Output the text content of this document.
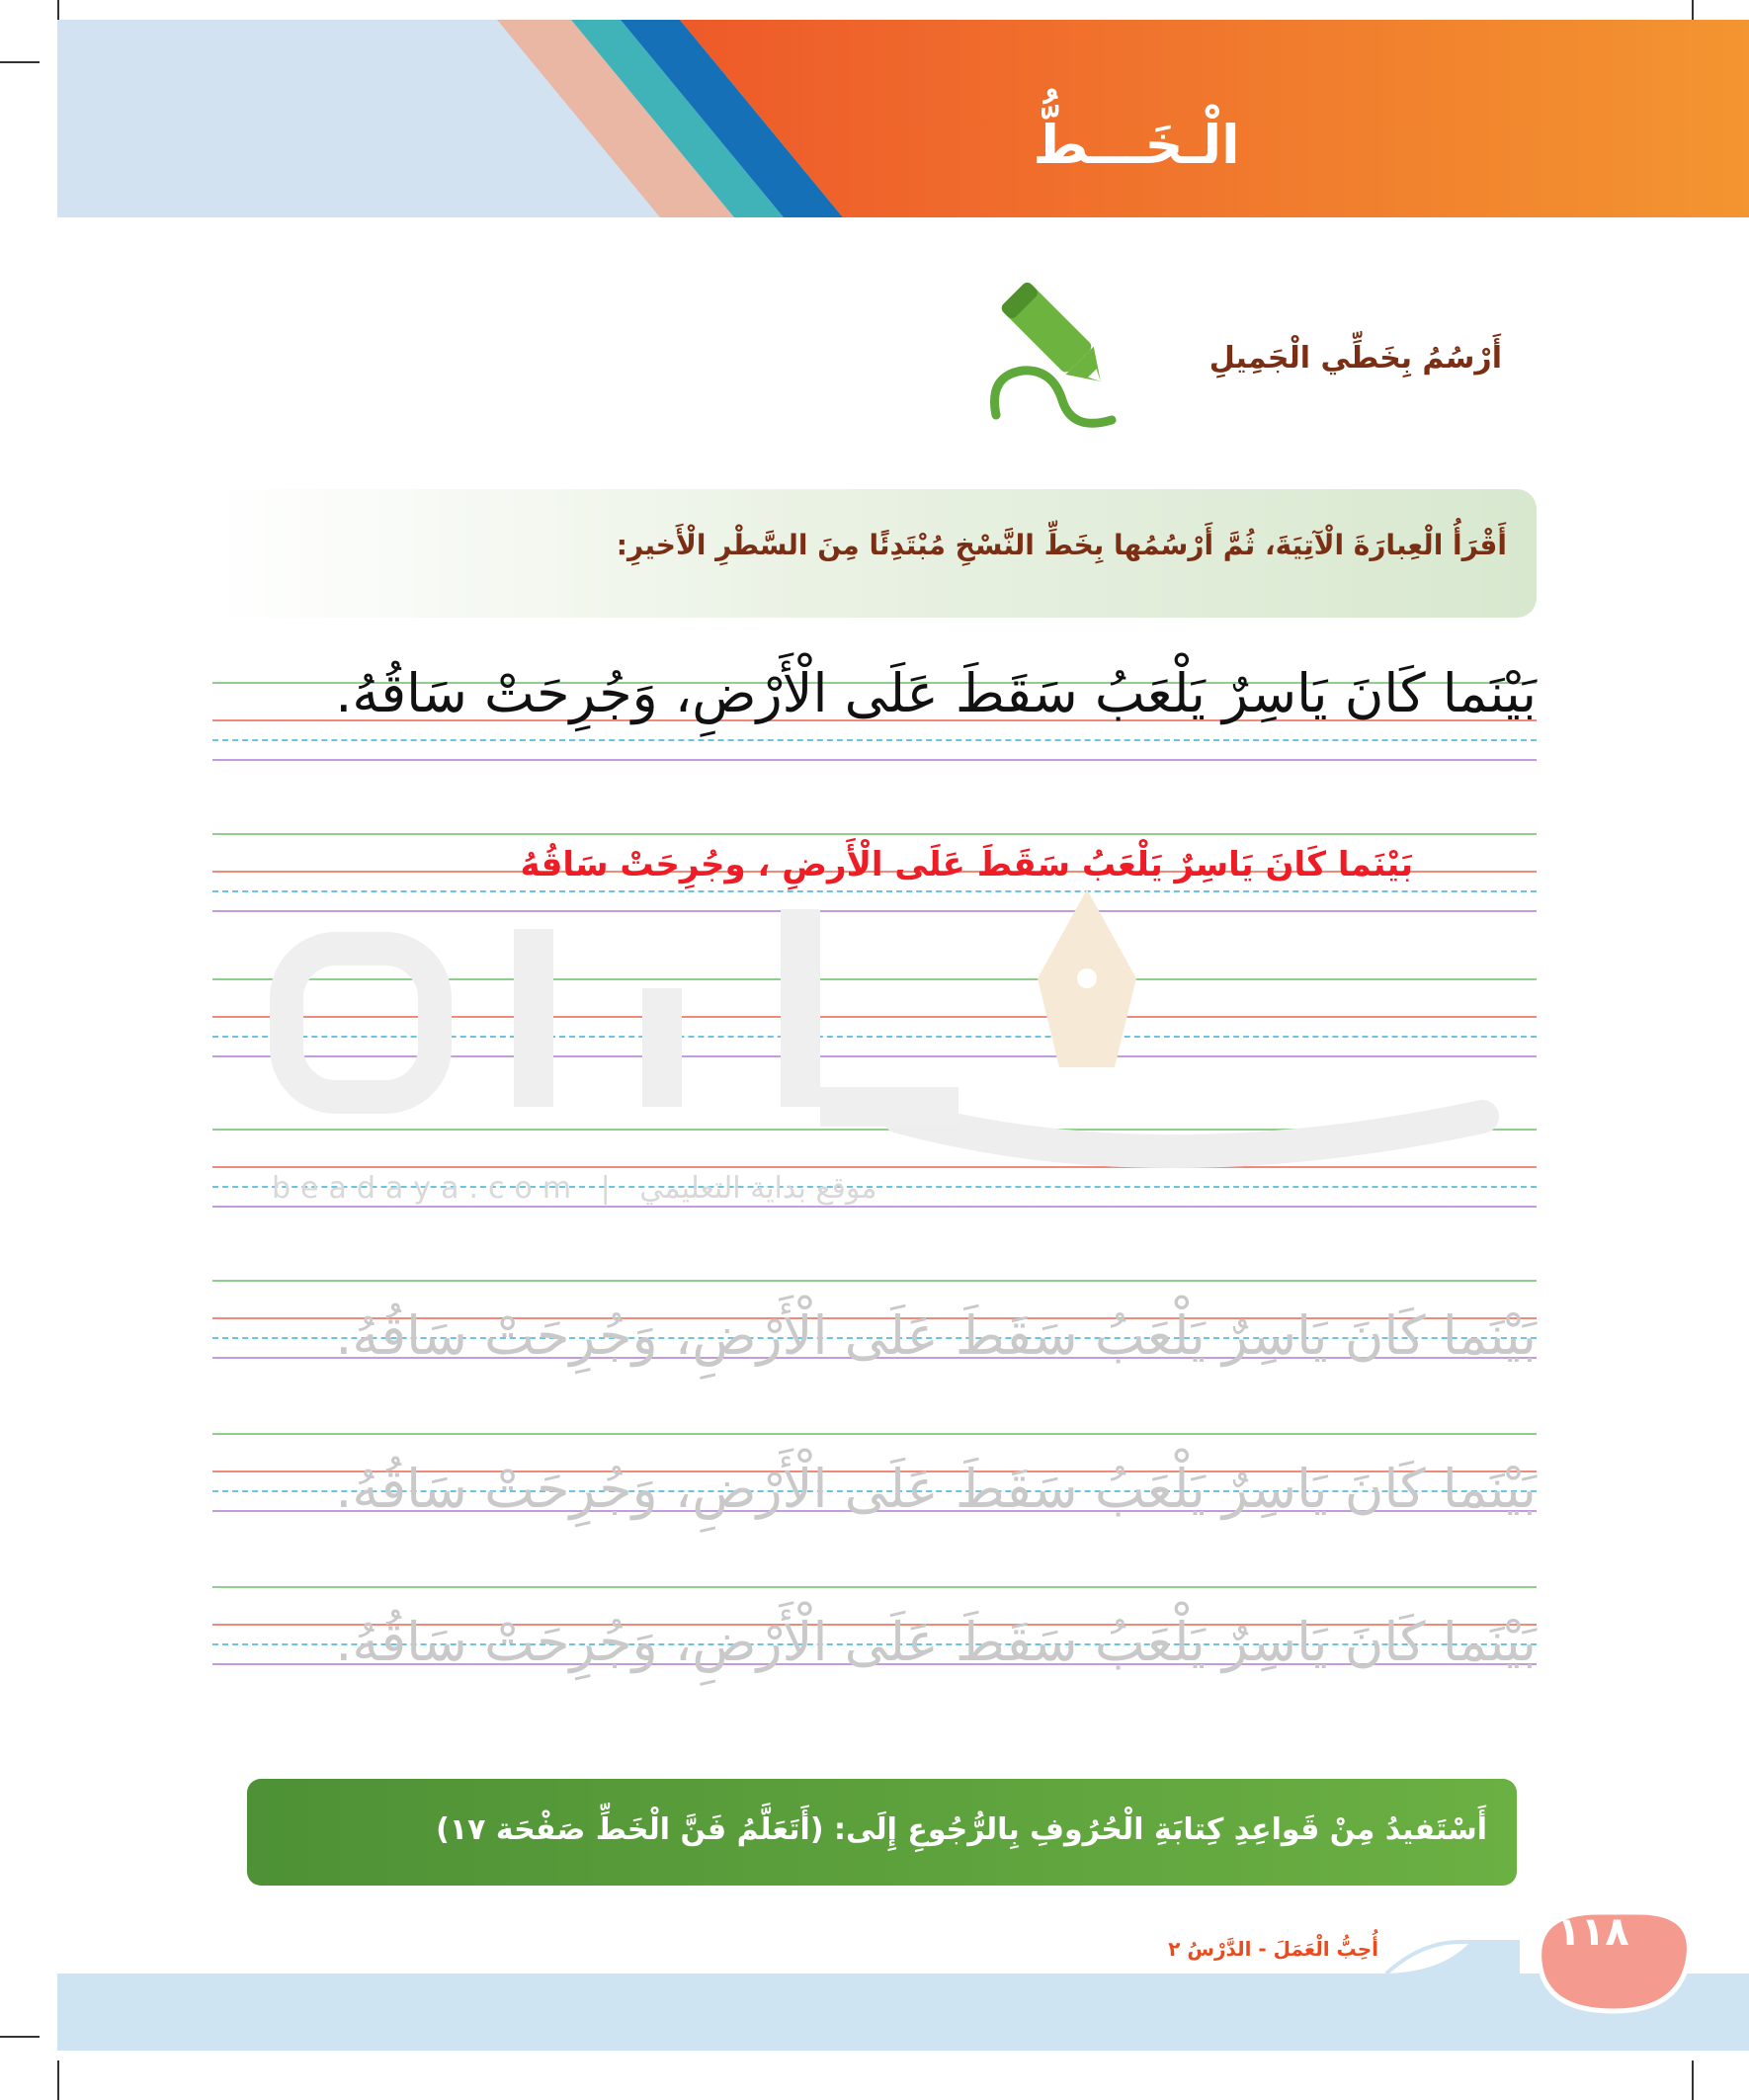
الْـخَـــطُّ
أَرْسُمُ بِخَطِّي الْجَمِيلِ
أَقْرَأُ الْعِبارَةَ الْآتِيَةَ، ثُمَّ أَرْسُمُها بِخَطِّ النَّسْخِ مُبْتَدِئًا مِنَ السَّطْرِ الْأَخيرِ:
beadaya.com | موقع بداية التعليمي
بَيْنَما كَانَ يَاسِرٌ يَلْعَبُ سَقَطَ عَلَى الْأَرْضِ، وَجُرِحَتْ سَاقُهُ.
بَيْنَما كَانَ يَاسِرٌ يَلْعَبُ سَقَطَ عَلَى الْأَرضِ ، وجُرِحَتْ سَاقُهُ
بَيْنَما كَانَ يَاسِرٌ يَلْعَبُ سَقَطَ عَلَى الْأَرْضِ، وَجُرِحَتْ سَاقُهُ.
بَيْنَما كَانَ يَاسِرٌ يَلْعَبُ سَقَطَ عَلَى الْأَرْضِ، وَجُرِحَتْ سَاقُهُ.
بَيْنَما كَانَ يَاسِرٌ يَلْعَبُ سَقَطَ عَلَى الْأَرْضِ، وَجُرِحَتْ سَاقُهُ.
أَسْتَفيدُ مِنْ قَواعِدِ كِتابَةِ الْحُرُوفِ بِالرُّجُوعِ إِلَى: (أَتَعَلَّمُ فَنَّ الْخَطِّ صَفْحَة ١٧)
١١٨
أُحِبُّ الْعَمَلَ - الدَّرْسُ ٢
